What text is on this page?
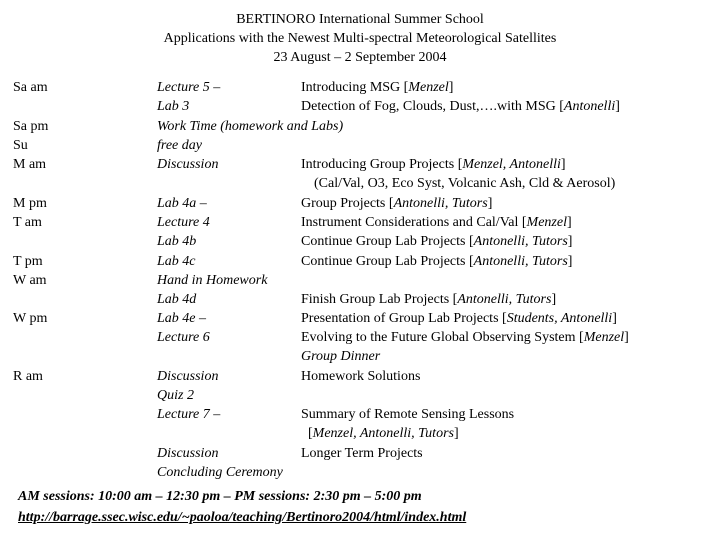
BERTINORO International Summer School
Applications with the Newest Multi-spectral Meteorological Satellites
23 August – 2 September 2004
Sa am
Sa pm
Su
M am
M pm
T am
T pm
W am
W pm
R am
Lecture 5 –
Lab 3
Work Time (homework and Labs)
free day
Discussion
Lab 4a –
Lecture 4
Lab 4b
Lab 4c
Hand in Homework
Lab 4d
Lab 4e –
Lecture 6
Discussion
Quiz 2
Lecture 7 –
Discussion
Concluding Ceremony
Introducing MSG [Menzel]
Detection of Fog, Clouds, Dust,….with MSG [Antonelli]
Introducing Group Projects [Menzel, Antonelli]
(Cal/Val, O3, Eco Syst, Volcanic Ash, Cld & Aerosol)
Group Projects [Antonelli, Tutors]
Instrument Considerations and Cal/Val [Menzel]
Continue Group Lab Projects [Antonelli, Tutors]
Continue Group Lab Projects [Antonelli, Tutors]
Finish Group Lab Projects [Antonelli, Tutors]
Presentation of Group Lab Projects [Students, Antonelli]
Evolving to the Future Global Observing System [Menzel]
Group Dinner
Homework Solutions
Summary of Remote Sensing Lessons
[Menzel, Antonelli, Tutors]
Longer Term Projects
AM sessions: 10:00 am – 12:30 pm – PM sessions: 2:30 pm – 5:00 pm
http://barrage.ssec.wisc.edu/~paoloa/teaching/Bertinoro2004/html/index.html
